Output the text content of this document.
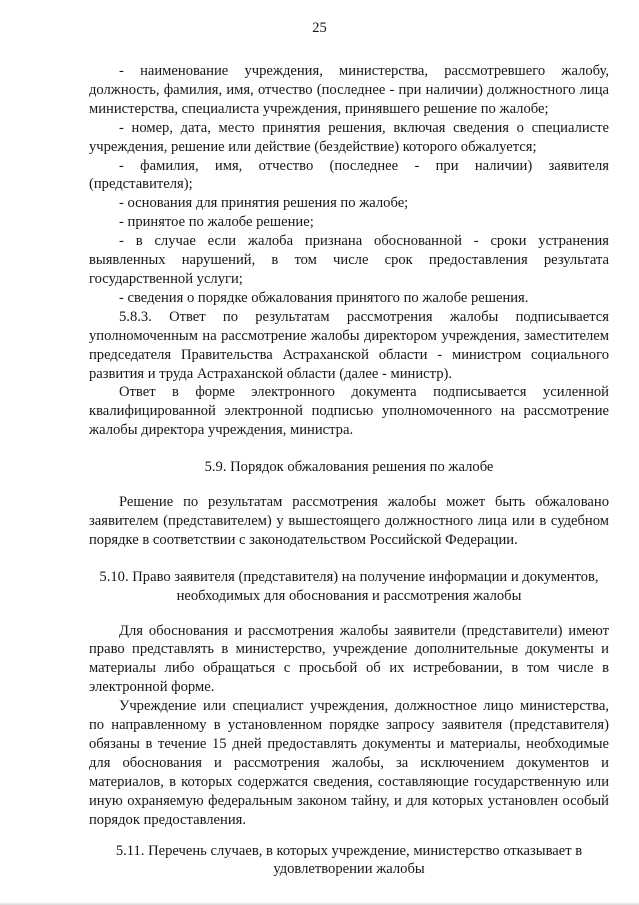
25

- наименование учреждения, министерства, рассмотревшего жалобу, должность, фамилия, имя, отчество (последнее - при наличии) должностного лица министерства, специалиста учреждения, принявшего решение по жалобе;

- номер, дата, место принятия решения, включая сведения о специалисте учреждения, решение или действие (бездействие) которого обжалуется;

- фамилия, имя, отчество (последнее - при наличии) заявителя (представителя);

- основания для принятия решения по жалобе;

- принятое по жалобе решение;

- в случае если жалоба признана обоснованной - сроки устранения выявленных нарушений, в том числе срок предоставления результата государственной услуги;

- сведения о порядке обжалования принятого по жалобе решения.

5.8.3. Ответ по результатам рассмотрения жалобы подписывается уполномоченным на рассмотрение жалобы директором учреждения, заместителем председателя Правительства Астраханской области - министром социального развития и труда Астраханской области (далее - министр).

Ответ в форме электронного документа подписывается усиленной квалифицированной электронной подписью уполномоченного на рассмотрение жалобы директора учреждения, министра.

5.9. Порядок обжалования решения по жалобе

Решение по результатам рассмотрения жалобы может быть обжаловано заявителем (представителем) у вышестоящего должностного лица или в судебном порядке в соответствии с законодательством Российской Федерации.

5.10. Право заявителя (представителя) на получение информации и документов, необходимых для обоснования и рассмотрения жалобы

Для обоснования и рассмотрения жалобы заявители (представители) имеют право представлять в министерство, учреждение дополнительные документы и материалы либо обращаться с просьбой об их истребовании, в том числе в электронной форме.

Учреждение или специалист учреждения, должностное лицо министерства, по направленному в установленном порядке запросу заявителя (представителя) обязаны в течение 15 дней предоставлять документы и материалы, необходимые для обоснования и рассмотрения жалобы, за исключением документов и материалов, в которых содержатся сведения, составляющие государственную или иную охраняемую федеральным законом тайну, и для которых установлен особый порядок предоставления.

5.11. Перечень случаев, в которых учреждение, министерство отказывает в удовлетворении жалобы
